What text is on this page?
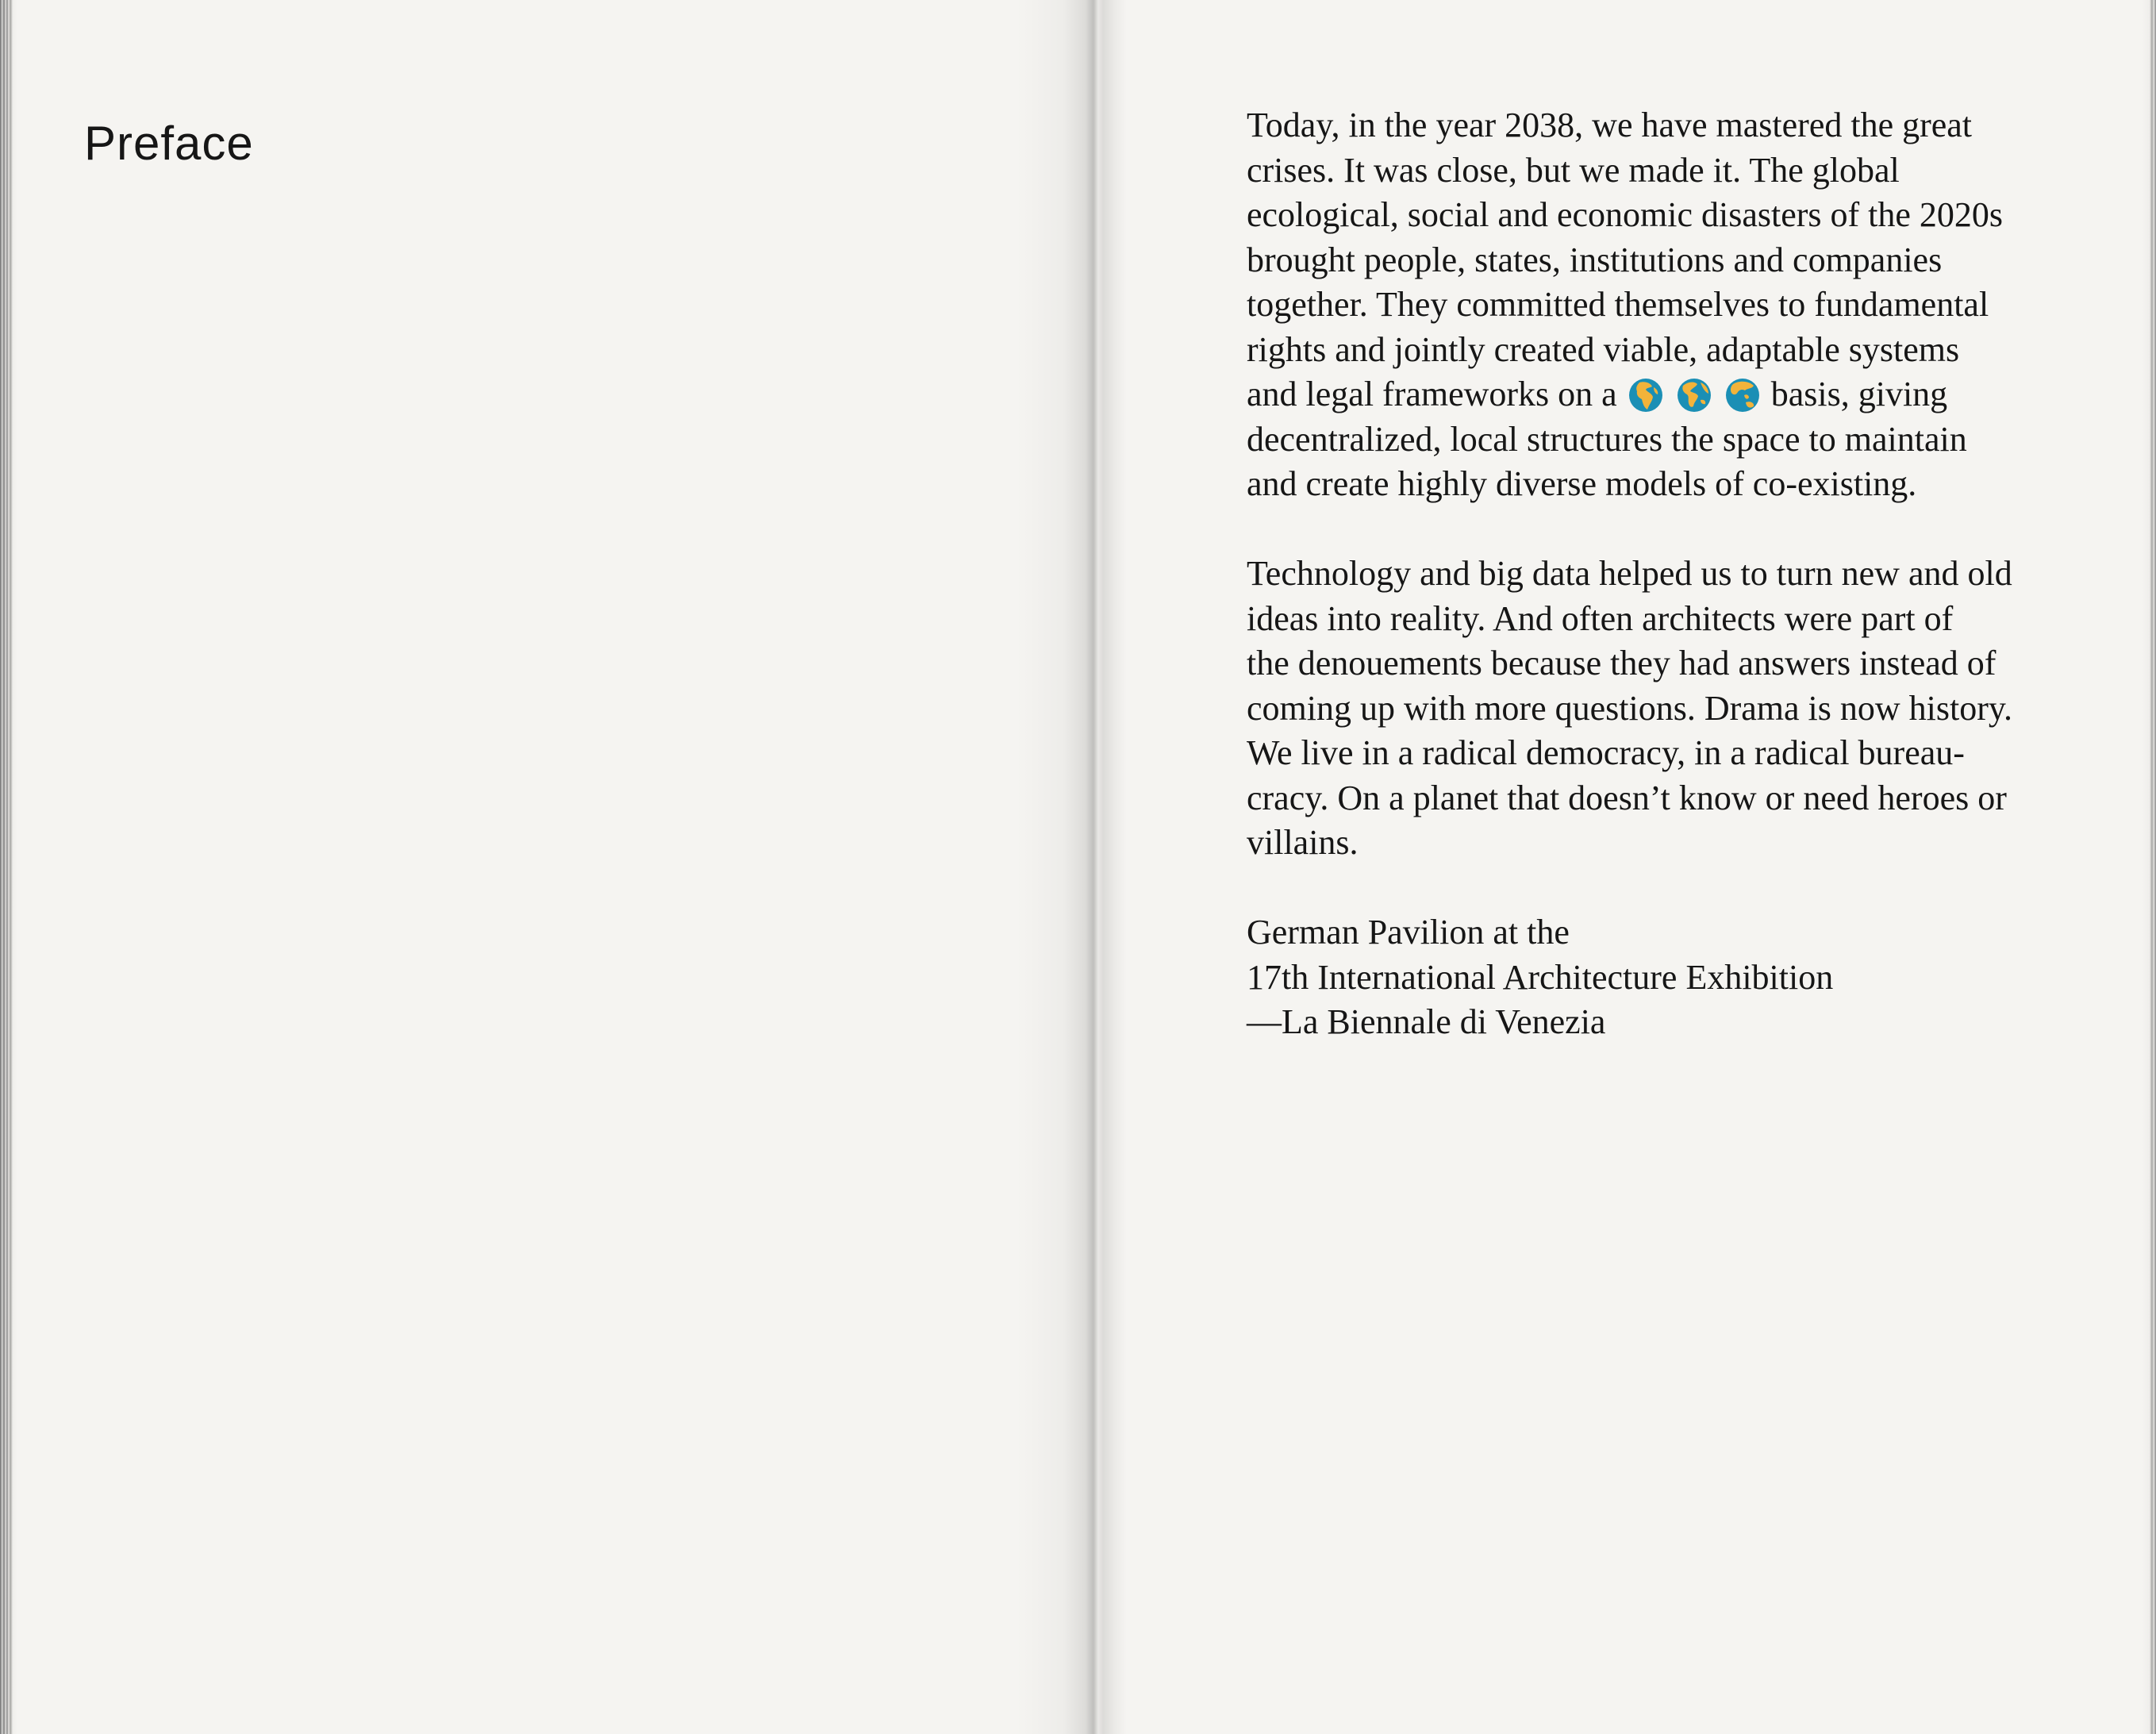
Preface	Today, in the year 2038, we have mastered the great
crises. It was close, but we made it. The global
ecological, social and economic disasters of the 2020s
brought people, states, institutions and companies
together. They committed themselves to fundamental
rights and jointly created viable, adaptable systems
and legal frameworks on a	basis, giving
decentralized, local structures the space to maintain
and create highly diverse models of co-existing.

Technology and big data helped us to turn new and old
ideas into reality. And often architects were part of
the denouements because they had answers instead of
coming up with more questions. Drama is now history.
We live in a radical democracy, in a radical bureau-
cracy. On a planet that doesn’t know or need heroes or
villains.

German Pavilion at the
17th International Architecture Exhibition
—La Biennale di Venezia
